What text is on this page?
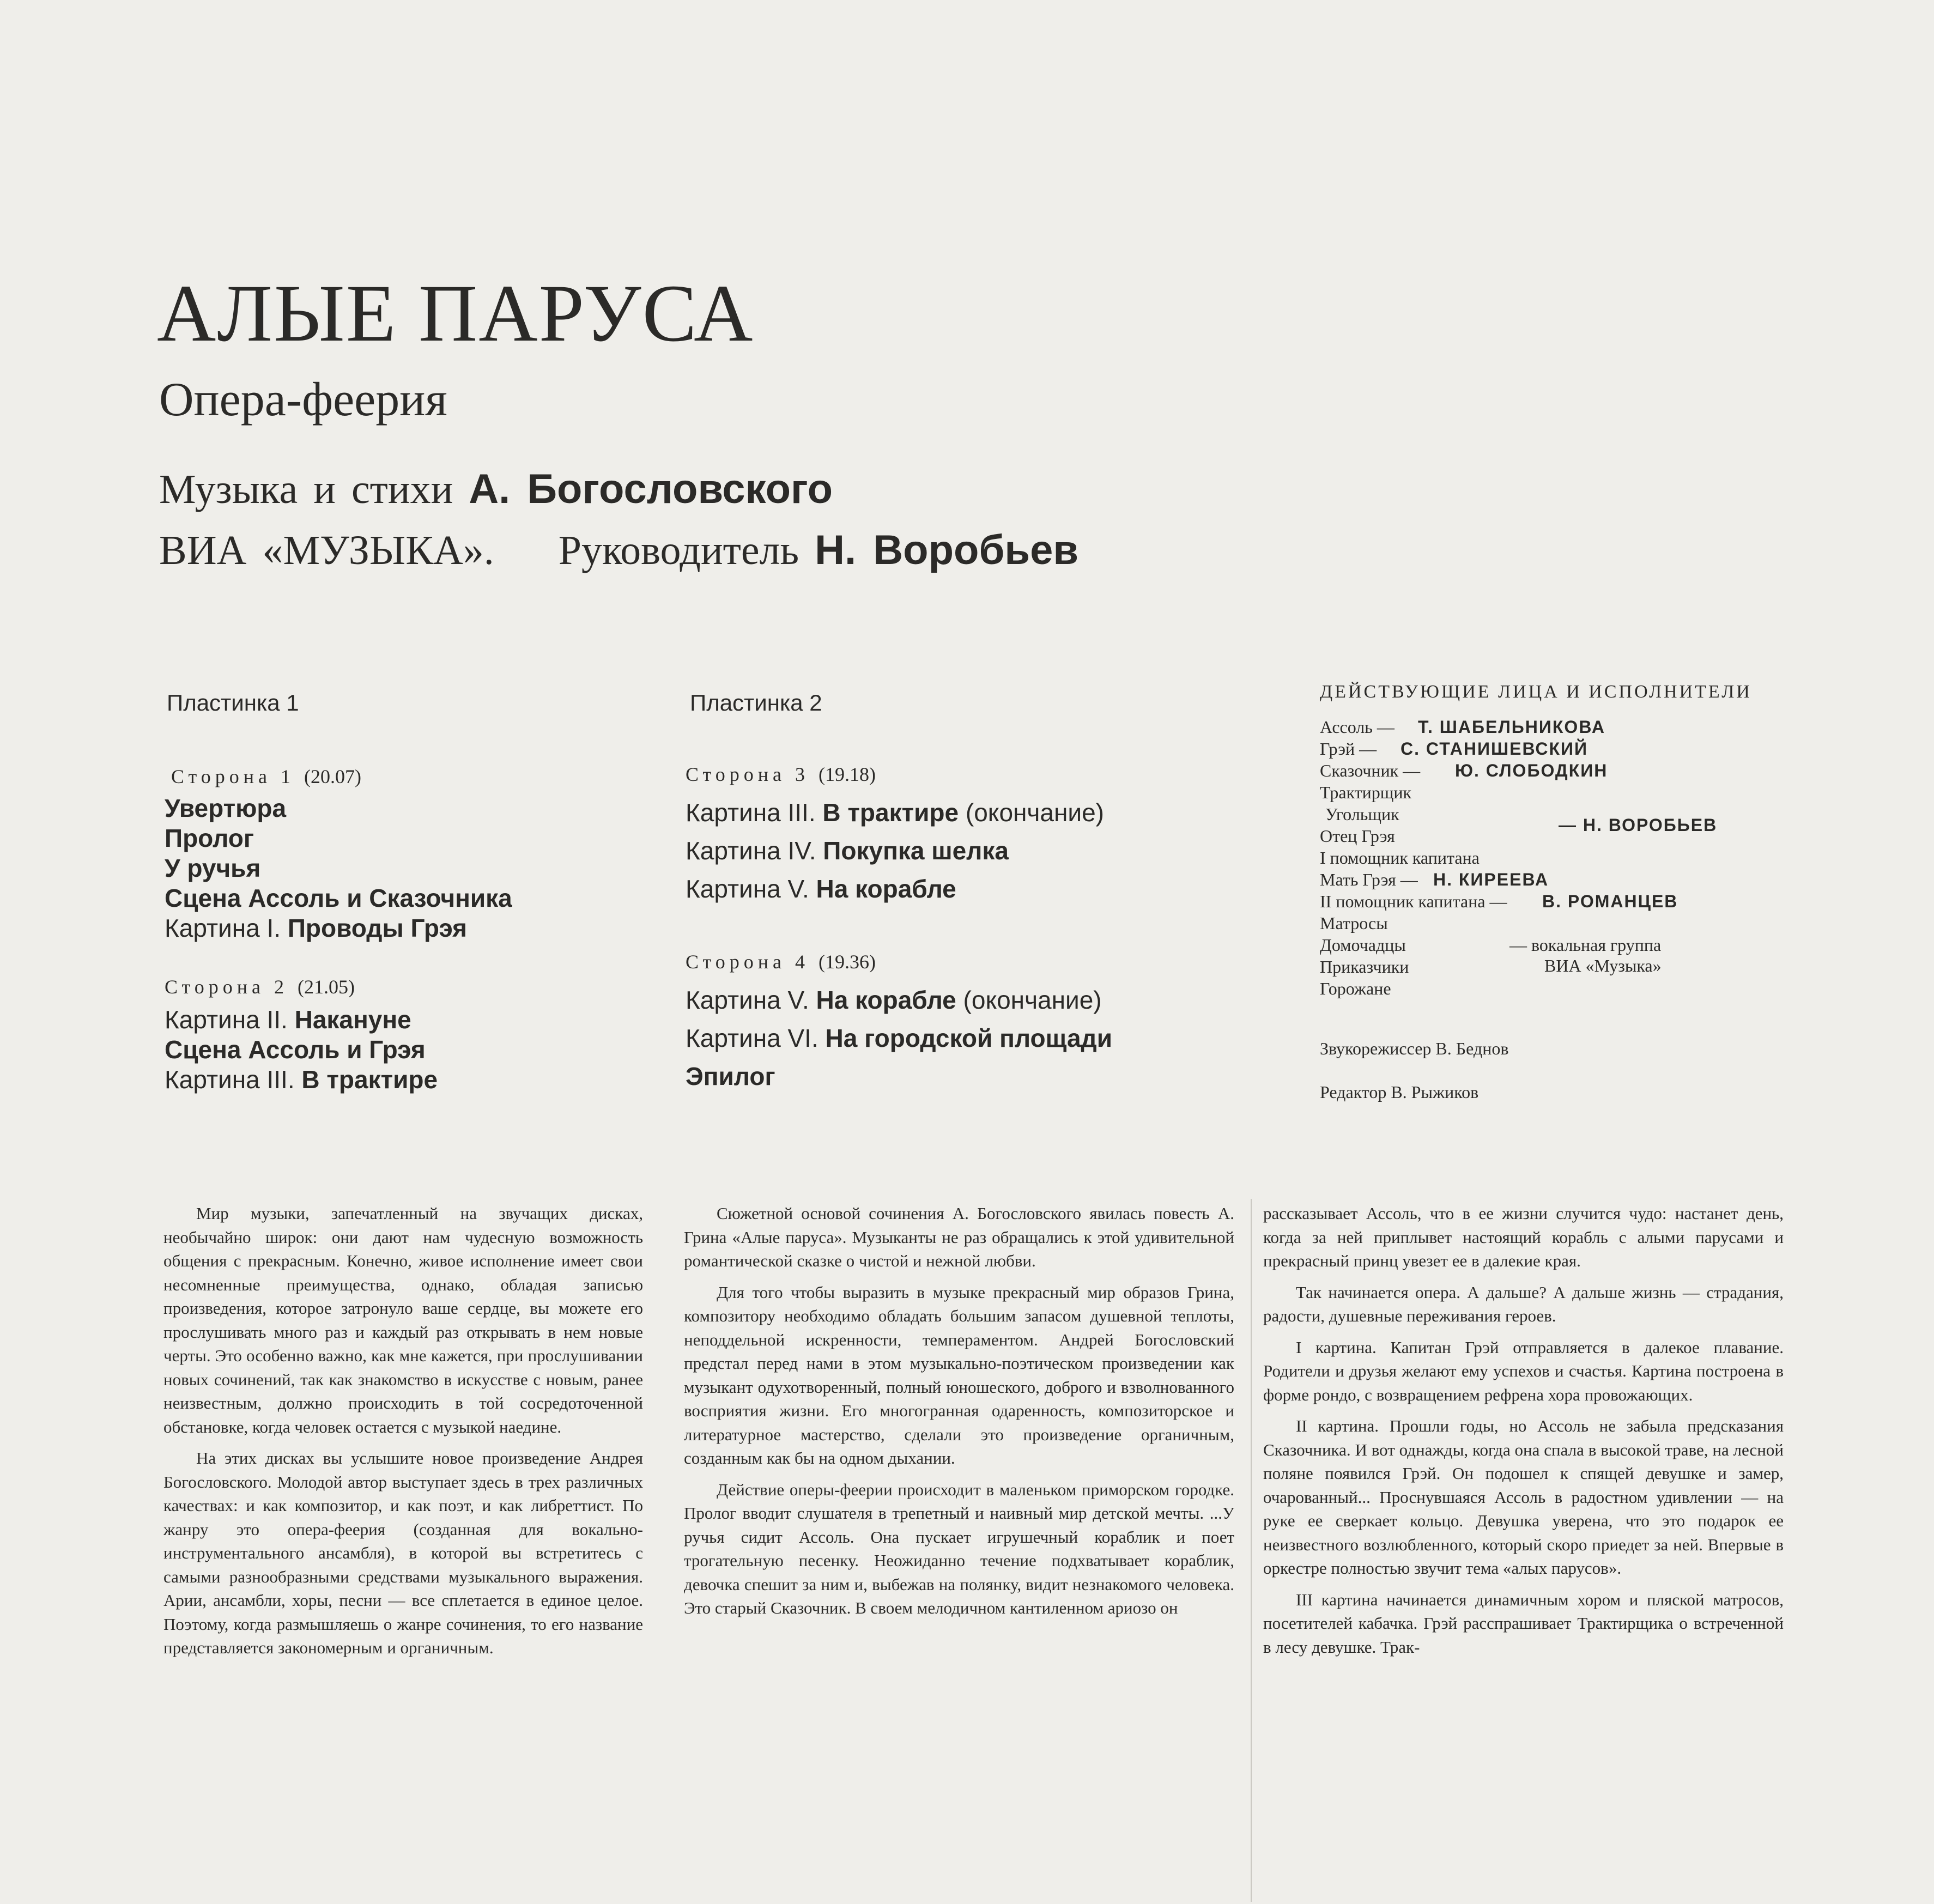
АЛЫЕ ПАРУСА
Опера-феерия
Музыка и стихи А. Богословского
ВИА «МУЗЫКА». Руководитель Н. Воробьев
Пластинка 1
Сторона 1 (20.07)
Увертюра
Пролог
У ручья
Сцена Ассоль и Сказочника
Картина I. Проводы Грэя
Сторона 2 (21.05)
Картина II. Накануне
Сцена Ассоль и Грэя
Картина III. В трактире
Пластинка 2
Сторона 3 (19.18)
Картина III. В трактире (окончание)
Картина IV. Покупка шелка
Картина V. На корабле
Сторона 4 (19.36)
Картина V. На корабле (окончание)
Картина VI. На городской площади
Эпилог
ДЕЙСТВУЮЩИЕ ЛИЦА И ИСПОЛНИТЕЛИ
Ассоль — Т. ШАБЕЛЬНИКОВА
Грэй — С. СТАНИШЕВСКИЙ
Сказочник — Ю. СЛОБОДКИН
Трактирщик
Угольщик
Отец Грэя
I помощник капитана
— Н. ВОРОБЬЕВ
Мать Грэя — Н. КИРЕЕВА
II помощник капитана — В. РОМАНЦЕВ
Матросы
Домочадцы
Приказчики
Горожане
— вокальная группа
ВИА «Музыка»
Звукорежиссер В. Беднов
Редактор В. Рыжиков

Мир музыки, запечатленный на звучащих дисках, необычайно широк: они дают нам чудесную возможность общения с прекрасным. Конечно, живое исполнение имеет свои несомненные преимущества, однако, обладая записью произведения, которое затронуло ваше сердце, вы можете его прослушивать много раз и каждый раз открывать в нем новые черты. Это особенно важно, как мне кажется, при прослушивании новых сочинений, так как знакомство в искусстве с новым, ранее неизвестным, должно происходить в той сосредоточенной обстановке, когда человек остается с музыкой наедине.

На этих дисках вы услышите новое произведение Андрея Богословского. Молодой автор выступает здесь в трех различных качествах: и как композитор, и как поэт, и как либреттист. По жанру это опера-феерия (созданная для вокально-инструментального ансамбля), в которой вы встретитесь с самыми разнообразными средствами музыкального выражения. Арии, ансамбли, хоры, песни — все сплетается в единое целое. Поэтому, когда размышляешь о жанре сочинения, то его название представляется закономерным и органичным.

Сюжетной основой сочинения А. Богословского явилась повесть А. Грина «Алые паруса». Музыканты не раз обращались к этой удивительной романтической сказке о чистой и нежной любви.

Для того чтобы выразить в музыке прекрасный мир образов Грина, композитору необходимо обладать большим запасом душевной теплоты, неподдельной искренности, темпераментом. Андрей Богословский предстал перед нами в этом музыкально-поэтическом произведении как музыкант одухотворенный, полный юношеского, доброго и взволнованного восприятия жизни. Его многогранная одаренность, композиторское и литературное мастерство, сделали это произведение органичным, созданным как бы на одном дыхании.

Действие оперы-феерии происходит в маленьком приморском городке. Пролог вводит слушателя в трепетный и наивный мир детской мечты. ...У ручья сидит Ассоль. Она пускает игрушечный кораблик и поет трогательную песенку. Неожиданно течение подхватывает кораблик, девочка спешит за ним и, выбежав на полянку, видит незнакомого человека. Это старый Сказочник. В своем мелодичном кантиленном ариозо он

рассказывает Ассоль, что в ее жизни случится чудо: настанет день, когда за ней приплывет настоящий корабль с алыми парусами и прекрасный принц увезет ее в далекие края.

Так начинается опера. А дальше? А дальше жизнь — страдания, радости, душевные переживания героев.

I картина. Капитан Грэй отправляется в далекое плавание. Родители и друзья желают ему успехов и счастья. Картина построена в форме рондо, с возвращением рефрена хора провожающих.

II картина. Прошли годы, но Ассоль не забыла предсказания Сказочника. И вот однажды, когда она спала в высокой траве, на лесной поляне появился Грэй. Он подошел к спящей девушке и замер, очарованный... Проснувшаяся Ассоль в радостном удивлении — на руке ее сверкает кольцо. Девушка уверена, что это подарок ее неизвестного возлюбленного, который скоро приедет за ней. Впервые в оркестре полностью звучит тема «алых парусов».

III картина начинается динамичным хором и пляской матросов, посетителей кабачка. Грэй расспрашивает Трактирщика о встреченной в лесу девушке. Трак-
